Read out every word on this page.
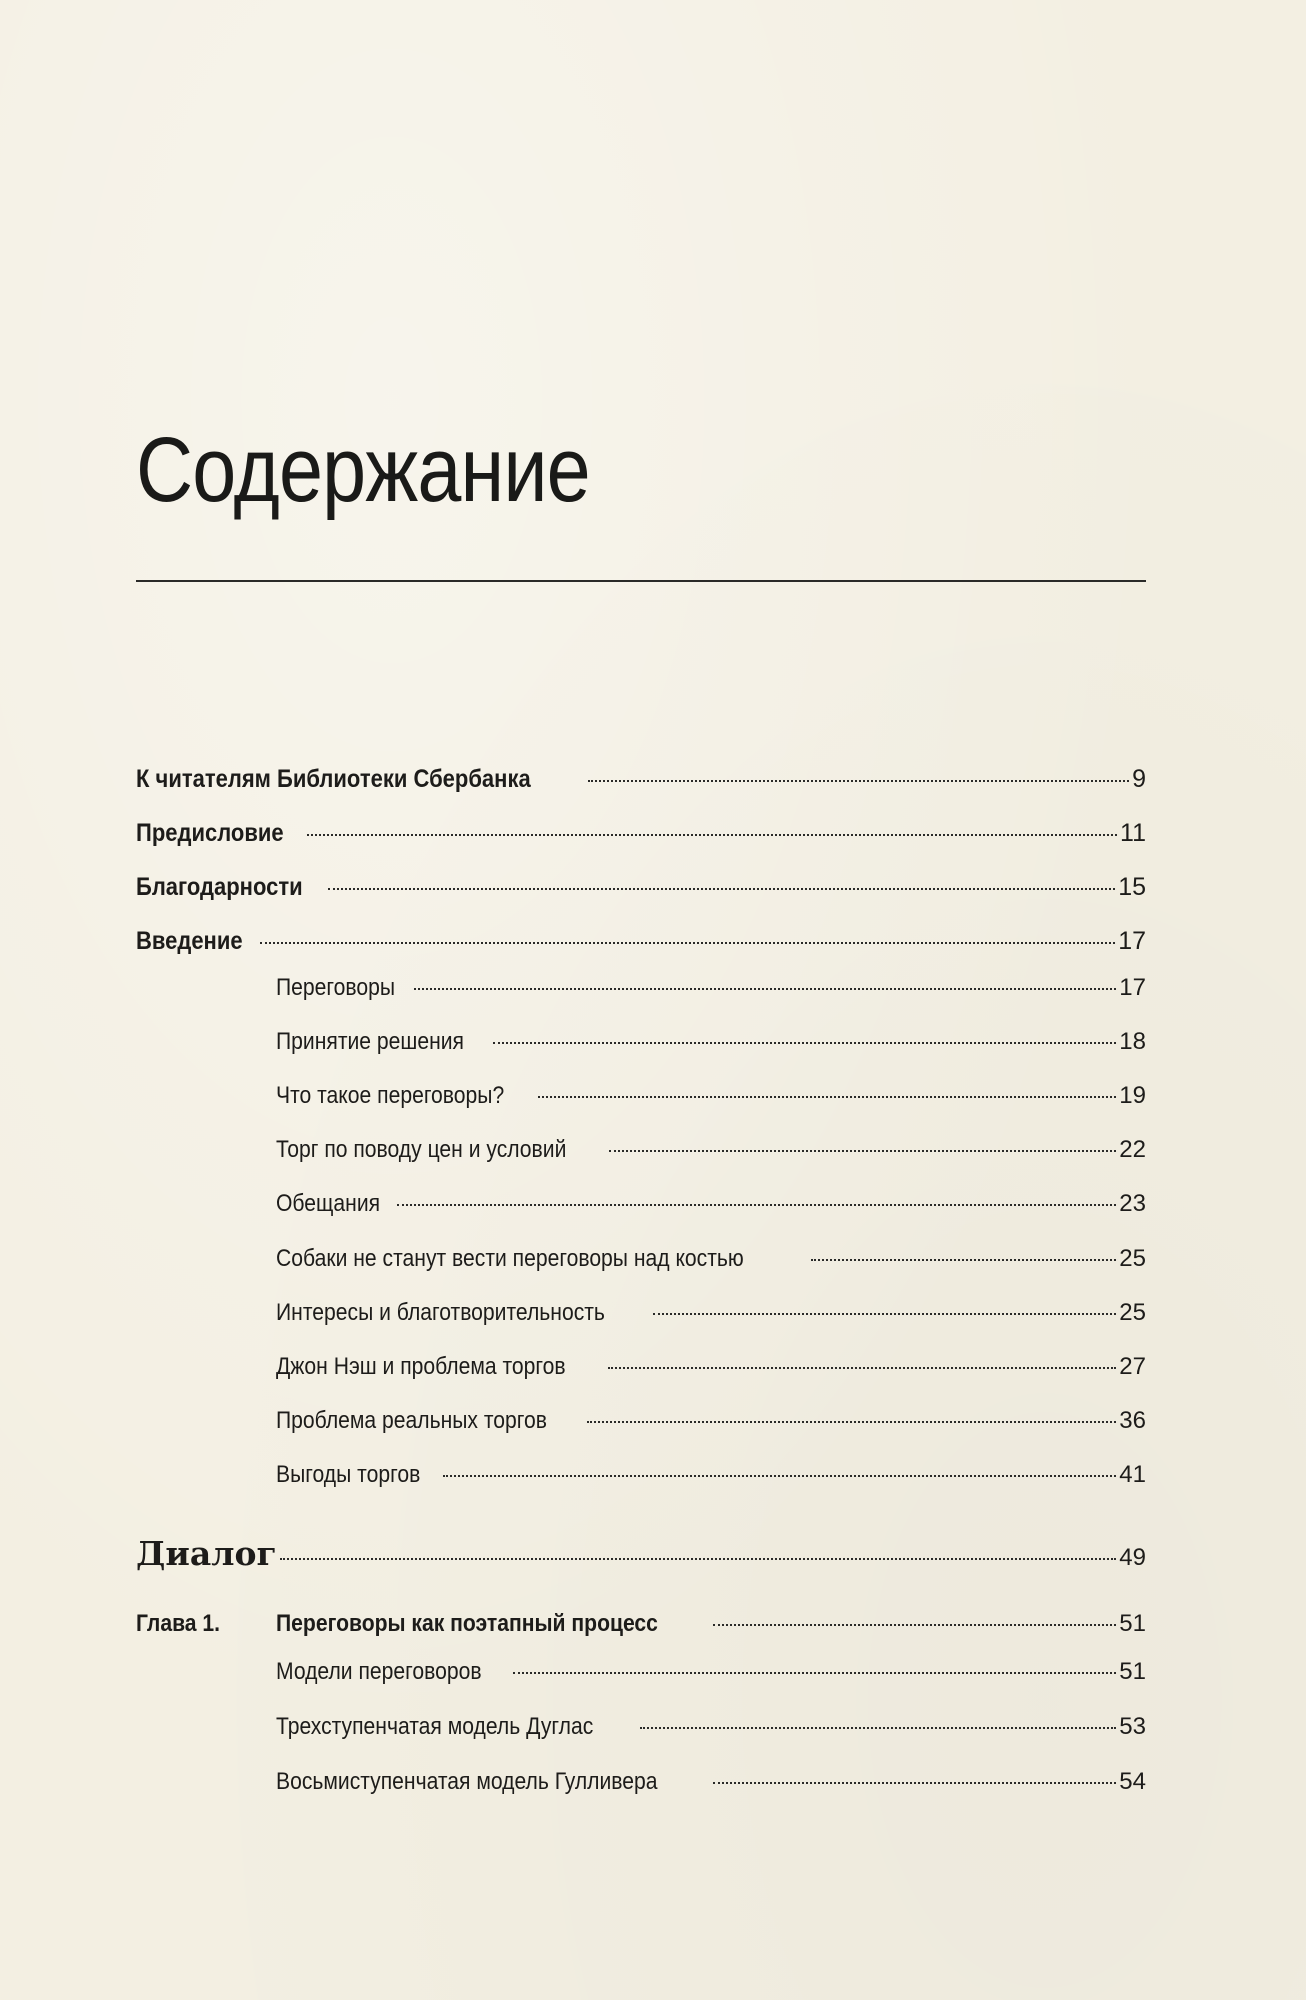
Содержание
К читателям Библиотеки Сбербанка	9
Предисловие	11
Благодарности	15
Введение	17
Переговоры	17
Принятие решения	18
Что такое переговоры?	19
Торг по поводу цен и условий	22
Обещания	23
Собаки не станут вести переговоры над костью	25
Интересы и благотворительность	25
Джон Нэш и проблема торгов	27
Проблема реальных торгов	36
Выгоды торгов	41
Диалог	49
Глава 1.	Переговоры как поэтапный процесс	51
Модели переговоров	51
Трехступенчатая модель Дуглас	53
Восьмиступенчатая модель Гулливера	54
